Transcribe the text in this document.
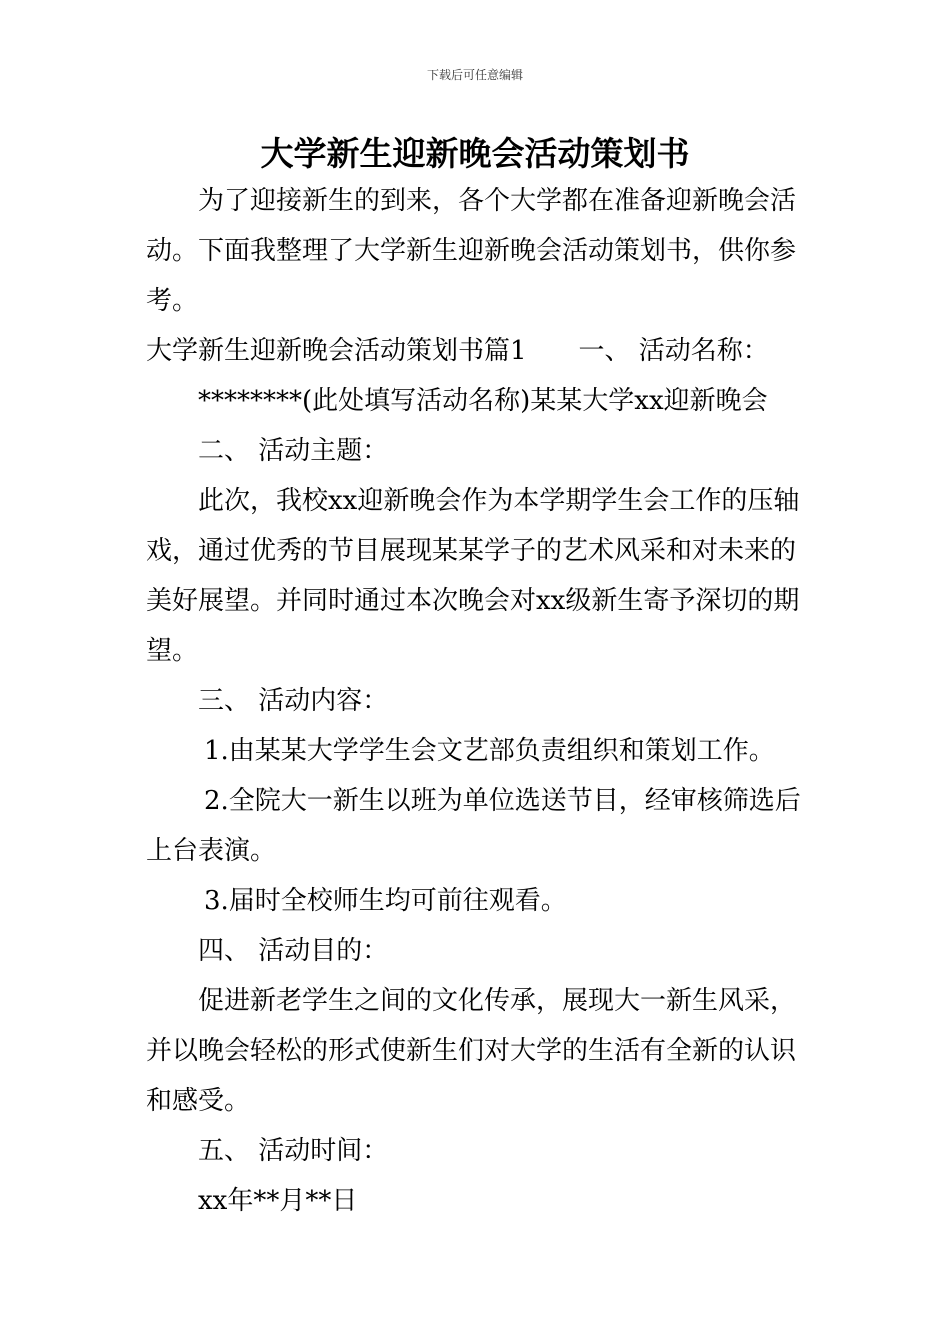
下载后可任意编辑
大学新生迎新晚会活动策划书

为了迎接新生的到来，各个大学都在准备迎新晚会活动。下面我整理了大学新生迎新晚会活动策划书，供你参考。

大学新生迎新晚会活动策划书篇1　　一、 活动名称：

********(此处填写活动名称)某某大学xx迎新晚会

二、 活动主题：

此次，我校xx迎新晚会作为本学期学生会工作的压轴戏，通过优秀的节目展现某某学子的艺术风采和对未来的美好展望。并同时通过本次晚会对xx级新生寄予深切的期望。

三、 活动内容：

1.由某某大学学生会文艺部负责组织和策划工作。

2.全院大一新生以班为单位选送节目，经审核筛选后上台表演。

3.届时全校师生均可前往观看。

四、 活动目的：

促进新老学生之间的文化传承，展现大一新生风采，并以晚会轻松的形式使新生们对大学的生活有全新的认识和感受。

五、 活动时间：

xx年**月**日
